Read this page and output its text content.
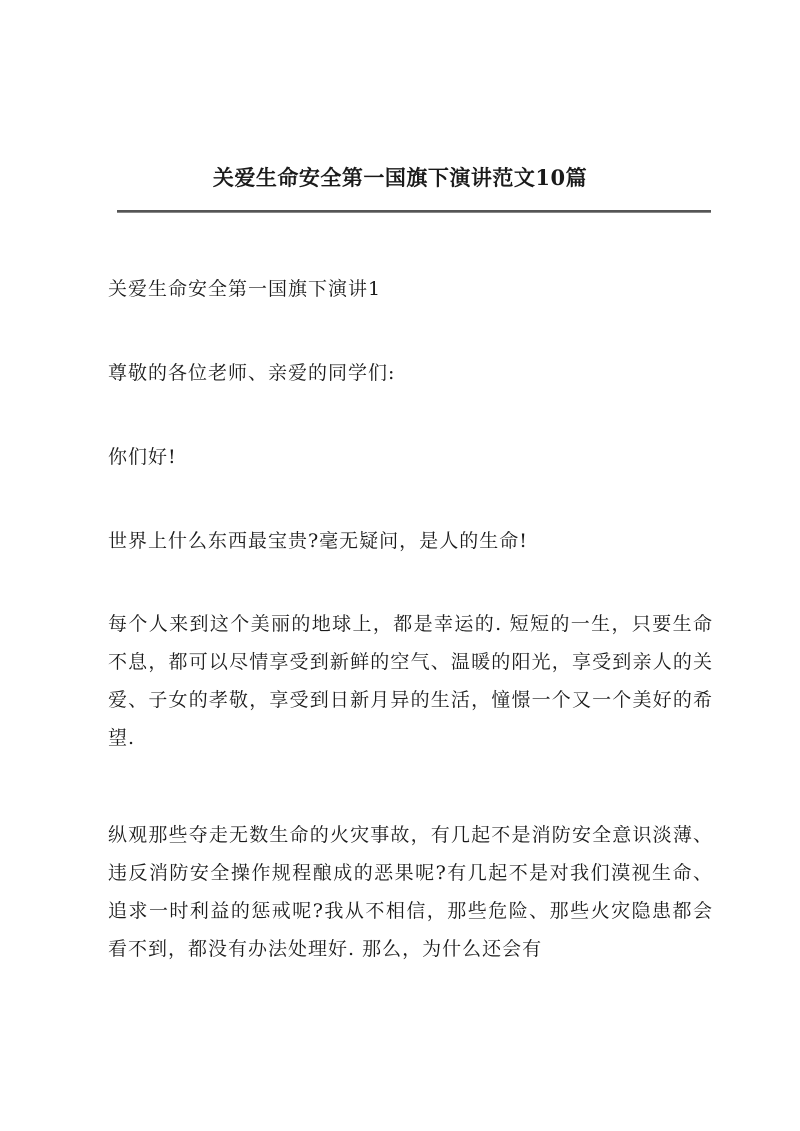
关爱生命安全第一国旗下演讲范文10篇

关爱生命安全第一国旗下演讲1

尊敬的各位老师、亲爱的同学们:

你们好!

世界上什么东西最宝贵?毫无疑问，是人的生命!

每个人来到这个美丽的地球上，都是幸运的. 短短的一生，只要生命不息，都可以尽情享受到新鲜的空气、温暖的阳光，享受到亲人的关爱、子女的孝敬，享受到日新月异的生活，憧憬一个又一个美好的希望.

纵观那些夺走无数生命的火灾事故，有几起不是消防安全意识淡薄、违反消防安全操作规程酿成的恶果呢?有几起不是对我们漠视生命、追求一时利益的惩戒呢?我从不相信，那些危险、那些火灾隐患都会看不到，都没有办法处理好. 那么，为什么还会有
